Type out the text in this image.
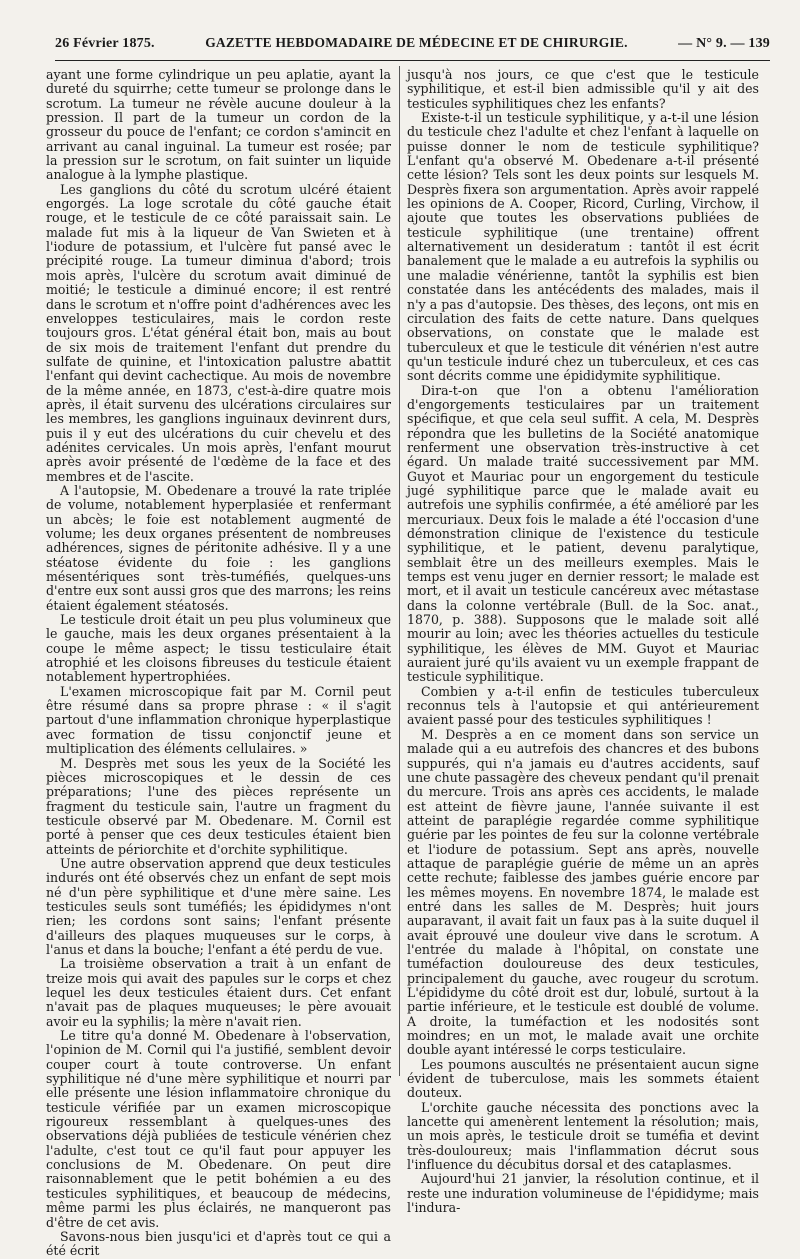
26 Février 1875.	GAZETTE HEBDOMADAIRE DE MÉDECINE ET DE CHIRURGIE.	— N° 9. — 139

ayant une forme cylindrique un peu aplatie, ayant la dureté du squirrhe; cette tumeur se prolonge dans le scrotum. La tumeur ne révèle aucune douleur à la pression. Il part de la tumeur un cordon de la grosseur du pouce de l'enfant; ce cordon s'amincit en arrivant au canal inguinal. La tumeur est rosée; par la pression sur le scrotum, on fait suinter un liquide analogue à la lymphe plastique.

Les ganglions du côté du scrotum ulcéré étaient engorgés. La loge scrotale du côté gauche était rouge, et le testicule de ce côté paraissait sain. Le malade fut mis à la liqueur de Van Swieten et à l'iodure de potassium, et l'ulcère fut pansé avec le précipité rouge. La tumeur diminua d'abord; trois mois après, l'ulcère du scrotum avait diminué de moitié; le testicule a diminué encore; il est rentré dans le scrotum et n'offre point d'adhérences avec les enveloppes testiculaires, mais le cordon reste toujours gros. L'état général était bon, mais au bout de six mois de traitement l'enfant dut prendre du sulfate de quinine, et l'intoxication palustre abattit l'enfant qui devint cachectique. Au mois de novembre de la même année, en 1873, c'est-à-dire quatre mois après, il était survenu des ulcérations circulaires sur les membres, les ganglions inguinaux devinrent durs, puis il y eut des ulcérations du cuir chevelu et des adénites cervicales. Un mois après, l'enfant mourut après avoir présenté de l'œdème de la face et des membres et de l'ascite.

A l'autopsie, M. Obedenare a trouvé la rate triplée de volume, notablement hyperplasiée et renfermant un abcès; le foie est notablement augmenté de volume; les deux organes présentent de nombreuses adhérences, signes de péritonite adhésive. Il y a une stéatose évidente du foie : les ganglions mésentériques sont très-tuméfiés, quelques-uns d'entre eux sont aussi gros que des marrons; les reins étaient également stéatosés.

Le testicule droit était un peu plus volumineux que le gauche, mais les deux organes présentaient à la coupe le même aspect; le tissu testiculaire était atrophié et les cloisons fibreuses du testicule étaient notablement hypertrophiées.

L'examen microscopique fait par M. Cornil peut être résumé dans sa propre phrase : « il s'agit partout d'une inflammation chronique hyperplastique avec formation de tissu conjonctif jeune et multiplication des éléments cellulaires. »

M. Desprès met sous les yeux de la Société les pièces microscopiques et le dessin de ces préparations; l'une des pièces représente un fragment du testicule sain, l'autre un fragment du testicule observé par M. Obedenare. M. Cornil est porté à penser que ces deux testicules étaient bien atteints de périorchite et d'orchite syphilitique.

Une autre observation apprend que deux testicules indurés ont été observés chez un enfant de sept mois né d'un père syphilitique et d'une mère saine. Les testicules seuls sont tuméfiés; les épididymes n'ont rien; les cordons sont sains; l'enfant présente d'ailleurs des plaques muqueuses sur le corps, à l'anus et dans la bouche; l'enfant a été perdu de vue.

La troisième observation a trait à un enfant de treize mois qui avait des papules sur le corps et chez lequel les deux testicules étaient durs. Cet enfant n'avait pas de plaques muqueuses; le père avouait avoir eu la syphilis; la mère n'avait rien.

Le titre qu'a donné M. Obedenare à l'observation, l'opinion de M. Cornil qui l'a justifié, semblent devoir couper court à toute controverse. Un enfant syphilitique né d'une mère syphilitique et nourri par elle présente une lésion inflammatoire chronique du testicule vérifiée par un examen microscopique rigoureux ressemblant à quelques-unes des observations déjà publiées de testicule vénérien chez l'adulte, c'est tout ce qu'il faut pour appuyer les conclusions de M. Obedenare. On peut dire raisonnablement que le petit bohémien a eu des testicules syphilitiques, et beaucoup de médecins, même parmi les plus éclairés, ne manqueront pas d'être de cet avis.

Savons-nous bien jusqu'ici et d'après tout ce qui a été écrit

jusqu'à nos jours, ce que c'est que le testicule syphilitique, et est-il bien admissible qu'il y ait des testicules syphilitiques chez les enfants?

Existe-t-il un testicule syphilitique, y a-t-il une lésion du testicule chez l'adulte et chez l'enfant à laquelle on puisse donner le nom de testicule syphilitique? L'enfant qu'a observé M. Obedenare a-t-il présenté cette lésion? Tels sont les deux points sur lesquels M. Desprès fixera son argumentation. Après avoir rappelé les opinions de A. Cooper, Ricord, Curling, Virchow, il ajoute que toutes les observations publiées de testicule syphilitique (une trentaine) offrent alternativement un desideratum : tantôt il est écrit banalement que le malade a eu autrefois la syphilis ou une maladie vénérienne, tantôt la syphilis est bien constatée dans les antécédents des malades, mais il n'y a pas d'autopsie. Des thèses, des leçons, ont mis en circulation des faits de cette nature. Dans quelques observations, on constate que le malade est tuberculeux et que le testicule dit vénérien n'est autre qu'un testicule induré chez un tuberculeux, et ces cas sont décrits comme une épididymite syphilitique.

Dira-t-on que l'on a obtenu l'amélioration d'engorgements testiculaires par un traitement spécifique, et que cela seul suffit. A cela, M. Desprès répondra que les bulletins de la Société anatomique renferment une observation très-instructive à cet égard. Un malade traité successivement par MM. Guyot et Mauriac pour un engorgement du testicule jugé syphilitique parce que le malade avait eu autrefois une syphilis confirmée, a été amélioré par les mercuriaux. Deux fois le malade a été l'occasion d'une démonstration clinique de l'existence du testicule syphilitique, et le patient, devenu paralytique, semblait être un des meilleurs exemples. Mais le temps est venu juger en dernier ressort; le malade est mort, et il avait un testicule cancéreux avec métastase dans la colonne vertébrale (Bull. de la Soc. anat., 1870, p. 388). Supposons que le malade soit allé mourir au loin; avec les théories actuelles du testicule syphilitique, les élèves de MM. Guyot et Mauriac auraient juré qu'ils avaient vu un exemple frappant de testicule syphilitique.

Combien y a-t-il enfin de testicules tuberculeux reconnus tels à l'autopsie et qui antérieurement avaient passé pour des testicules syphilitiques !

M. Desprès a en ce moment dans son service un malade qui a eu autrefois des chancres et des bubons suppurés, qui n'a jamais eu d'autres accidents, sauf une chute passagère des cheveux pendant qu'il prenait du mercure. Trois ans après ces accidents, le malade est atteint de fièvre jaune, l'année suivante il est atteint de paraplégie regardée comme syphilitique guérie par les pointes de feu sur la colonne vertébrale et l'iodure de potassium. Sept ans après, nouvelle attaque de paraplégie guérie de même un an après cette rechute; faiblesse des jambes guérie encore par les mêmes moyens. En novembre 1874, le malade est entré dans les salles de M. Desprès; huit jours auparavant, il avait fait un faux pas à la suite duquel il avait éprouvé une douleur vive dans le scrotum. A l'entrée du malade à l'hôpital, on constate une tuméfaction douloureuse des deux testicules, principalement du gauche, avec rougeur du scrotum. L'épididyme du côté droit est dur, lobulé, surtout à la partie inférieure, et le testicule est doublé de volume. A droite, la tuméfaction et les nodosités sont moindres; en un mot, le malade avait une orchite double ayant intéressé le corps testiculaire.

Les poumons auscultés ne présentaient aucun signe évident de tuberculose, mais les sommets étaient douteux.

L'orchite gauche nécessita des ponctions avec la lancette qui amenèrent lentement la résolution; mais, un mois après, le testicule droit se tuméfia et devint très-douloureux; mais l'inflammation décrut sous l'influence du décubitus dorsal et des cataplasmes.

Aujourd'hui 21 janvier, la résolution continue, et il reste une induration volumineuse de l'épididyme; mais l'indura-
